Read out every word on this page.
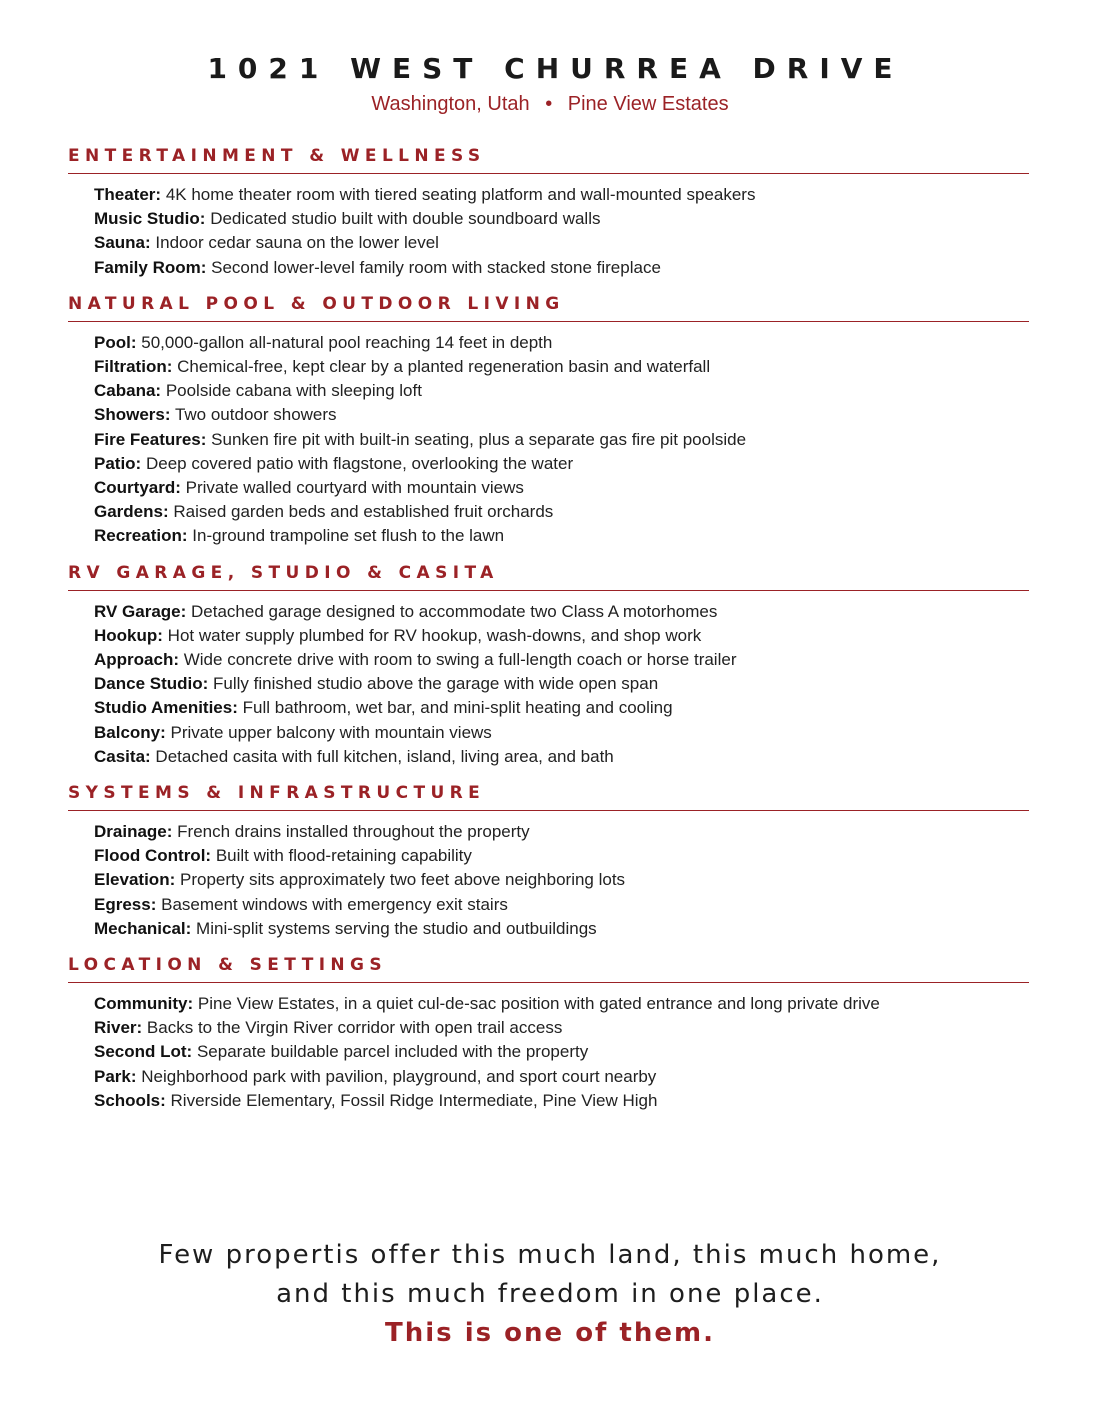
1021 WEST CHURREA DRIVE
Washington, Utah • Pine View Estates
ENTERTAINMENT & WELLNESS
Theater: 4K home theater room with tiered seating platform and wall-mounted speakers
Music Studio: Dedicated studio built with double soundboard walls
Sauna: Indoor cedar sauna on the lower level
Family Room: Second lower-level family room with stacked stone fireplace
NATURAL POOL & OUTDOOR LIVING
Pool: 50,000-gallon all-natural pool reaching 14 feet in depth
Filtration: Chemical-free, kept clear by a planted regeneration basin and waterfall
Cabana: Poolside cabana with sleeping loft
Showers: Two outdoor showers
Fire Features: Sunken fire pit with built-in seating, plus a separate gas fire pit poolside
Patio: Deep covered patio with flagstone, overlooking the water
Courtyard: Private walled courtyard with mountain views
Gardens: Raised garden beds and established fruit orchards
Recreation: In-ground trampoline set flush to the lawn
RV GARAGE, STUDIO & CASITA
RV Garage: Detached garage designed to accommodate two Class A motorhomes
Hookup: Hot water supply plumbed for RV hookup, wash-downs, and shop work
Approach: Wide concrete drive with room to swing a full-length coach or horse trailer
Dance Studio: Fully finished studio above the garage with wide open span
Studio Amenities: Full bathroom, wet bar, and mini-split heating and cooling
Balcony: Private upper balcony with mountain views
Casita: Detached casita with full kitchen, island, living area, and bath
SYSTEMS & INFRASTRUCTURE
Drainage: French drains installed throughout the property
Flood Control: Built with flood-retaining capability
Elevation: Property sits approximately two feet above neighboring lots
Egress: Basement windows with emergency exit stairs
Mechanical: Mini-split systems serving the studio and outbuildings
LOCATION & SETTINGS
Community: Pine View Estates, in a quiet cul-de-sac position with gated entrance and long private drive
River: Backs to the Virgin River corridor with open trail access
Second Lot: Separate buildable parcel included with the property
Park: Neighborhood park with pavilion, playground, and sport court nearby
Schools: Riverside Elementary, Fossil Ridge Intermediate, Pine View High
Few propertis offer this much land, this much home,
and this much freedom in one place.
This is one of them.
